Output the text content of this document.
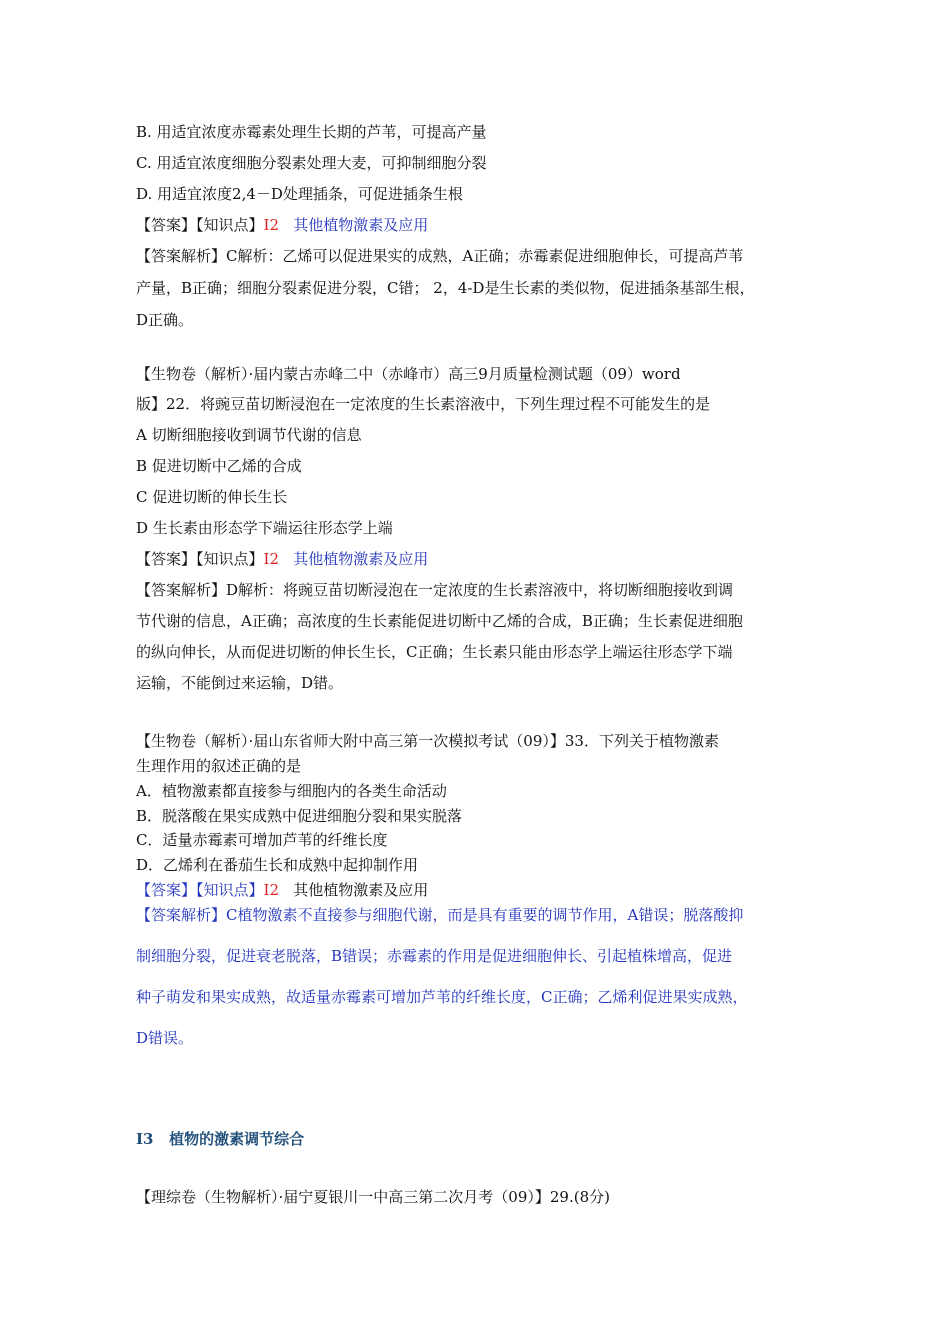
B. 用适宜浓度赤霉素处理生长期的芦苇，可提高产量
C. 用适宜浓度细胞分裂素处理大麦，可抑制细胞分裂
D. 用适宜浓度2,4－D处理插条，可促进插条生根
【答案】【知识点】I2 其他植物激素及应用
【答案解析】C解析：乙烯可以促进果实的成熟，A正确；赤霉素促进细胞伸长，可提高芦苇
产量，B正确；细胞分裂素促进分裂，C错； 2，4-D是生长素的类似物，促进插条基部生根，
D正确。
【生物卷（解析）·届内蒙古赤峰二中（赤峰市）高三9月质量检测试题（09）word
版】22．将豌豆苗切断浸泡在一定浓度的生长素溶液中，下列生理过程不可能发生的是
A 切断细胞接收到调节代谢的信息
B 促进切断中乙烯的合成
C 促进切断的伸长生长
D 生长素由形态学下端运往形态学上端
【答案】【知识点】I2 其他植物激素及应用
【答案解析】D解析：将豌豆苗切断浸泡在一定浓度的生长素溶液中，将切断细胞接收到调
节代谢的信息，A正确；高浓度的生长素能促进切断中乙烯的合成，B正确；生长素促进细胞
的纵向伸长，从而促进切断的伸长生长，C正确；生长素只能由形态学上端运往形态学下端
运输，不能倒过来运输，D错。
【生物卷（解析）·届山东省师大附中高三第一次模拟考试（09）】33．下列关于植物激素
生理作用的叙述正确的是
A．植物激素都直接参与细胞内的各类生命活动
B．脱落酸在果实成熟中促进细胞分裂和果实脱落
C．适量赤霉素可增加芦苇的纤维长度
D．乙烯利在番茄生长和成熟中起抑制作用
【答案】【知识点】I2 其他植物激素及应用
【答案解析】C植物激素不直接参与细胞代谢，而是具有重要的调节作用，A错误；脱落酸抑
制细胞分裂，促进衰老脱落，B错误；赤霉素的作用是促进细胞伸长、引起植株增高，促进
种子萌发和果实成熟，故适量赤霉素可增加芦苇的纤维长度，C正确；乙烯利促进果实成熟，
D错误。
I3 植物的激素调节综合
【理综卷（生物解析）·届宁夏银川一中高三第二次月考（09）】29.(8分)
